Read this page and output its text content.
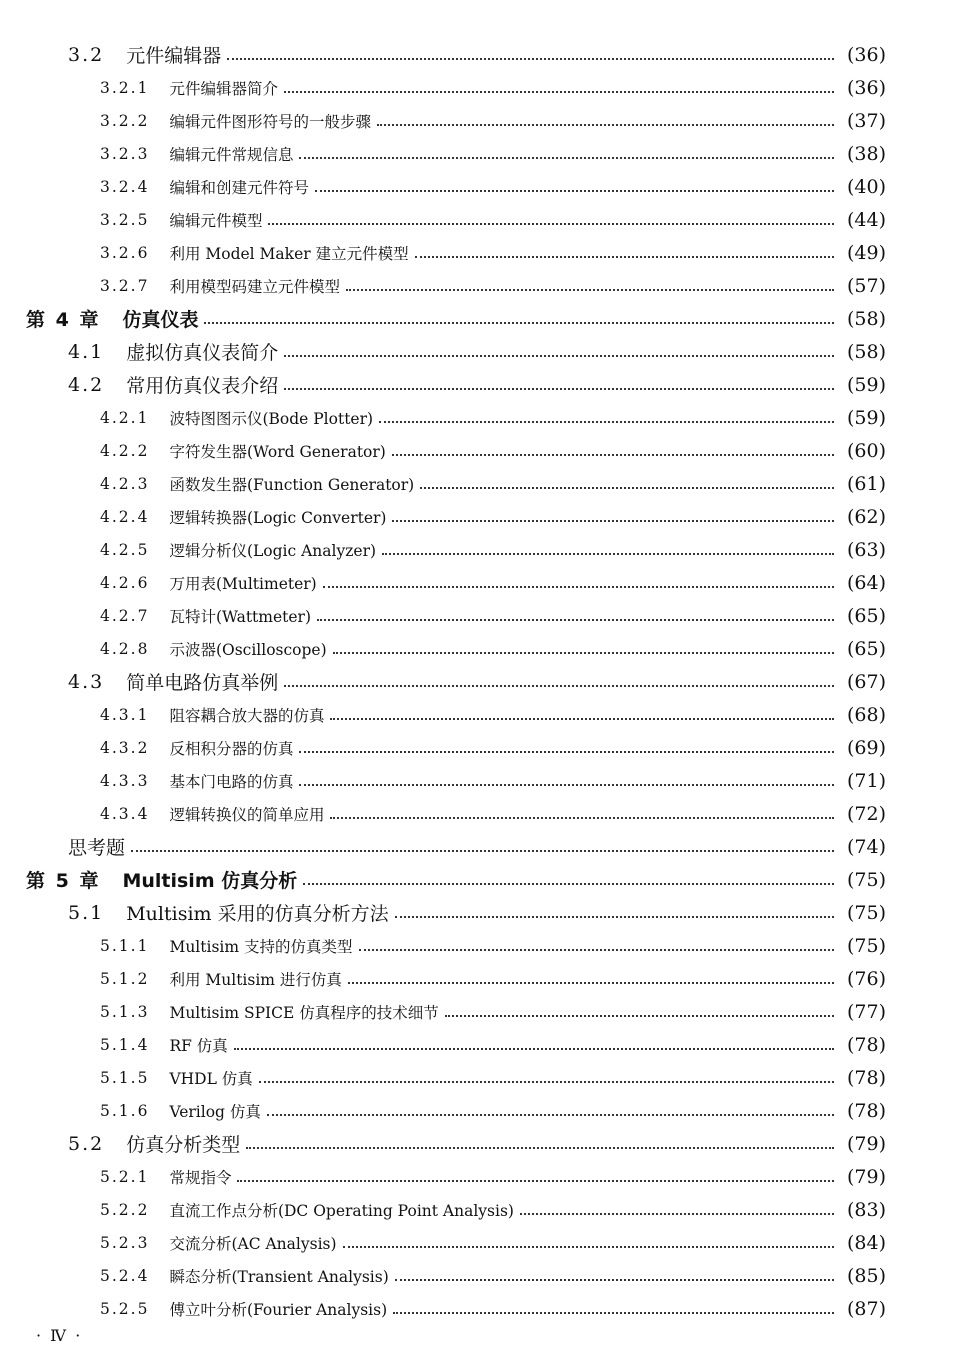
3.2 元件编辑器	(36)
3.2.1 元件编辑器简介	(36)
3.2.2 编辑元件图形符号的一般步骤	(37)
3.2.3 编辑元件常规信息	(38)
3.2.4 编辑和创建元件符号	(40)
3.2.5 编辑元件模型	(44)
3.2.6 利用 Model Maker 建立元件模型	(49)
3.2.7 利用模型码建立元件模型	(57)
第 4 章 仿真仪表	(58)
4.1 虚拟仿真仪表简介	(58)
4.2 常用仿真仪表介绍	(59)
4.2.1 波特图图示仪(Bode Plotter)	(59)
4.2.2 字符发生器(Word Generator)	(60)
4.2.3 函数发生器(Function Generator)	(61)
4.2.4 逻辑转换器(Logic Converter)	(62)
4.2.5 逻辑分析仪(Logic Analyzer)	(63)
4.2.6 万用表(Multimeter)	(64)
4.2.7 瓦特计(Wattmeter)	(65)
4.2.8 示波器(Oscilloscope)	(65)
4.3 简单电路仿真举例	(67)
4.3.1 阻容耦合放大器的仿真	(68)
4.3.2 反相积分器的仿真	(69)
4.3.3 基本门电路的仿真	(71)
4.3.4 逻辑转换仪的简单应用	(72)
思考题	(74)
第 5 章 Multisim 仿真分析	(75)
5.1 Multisim 采用的仿真分析方法	(75)
5.1.1 Multisim 支持的仿真类型	(75)
5.1.2 利用 Multisim 进行仿真	(76)
5.1.3 Multisim SPICE 仿真程序的技术细节	(77)
5.1.4 RF 仿真	(78)
5.1.5 VHDL 仿真	(78)
5.1.6 Verilog 仿真	(78)
5.2 仿真分析类型	(79)
5.2.1 常规指令	(79)
5.2.2 直流工作点分析(DC Operating Point Analysis)	(83)
5.2.3 交流分析(AC Analysis)	(84)
5.2.4 瞬态分析(Transient Analysis)	(85)
5.2.5 傅立叶分析(Fourier Analysis)	(87)
· Ⅳ ·
